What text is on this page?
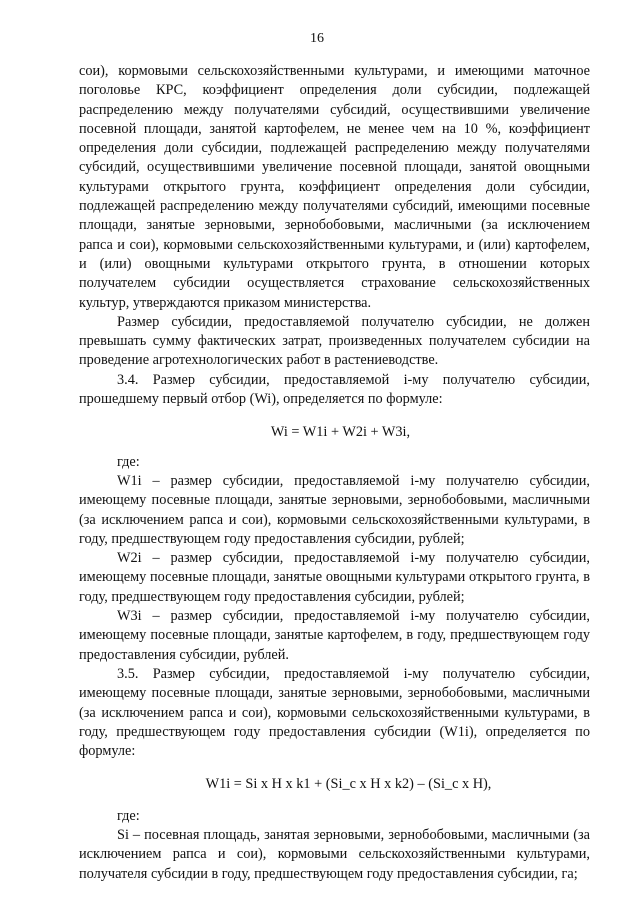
16

сои), кормовыми сельскохозяйственными культурами, и имеющими маточное поголовье КРС, коэффициент определения доли субсидии, подлежащей распределению между получателями субсидий, осуществившими увеличение посевной площади, занятой картофелем, не менее чем на 10 %, коэффициент определения доли субсидии, подлежащей распределению между получателями субсидий, осуществившими увеличение посевной площади, занятой овощными культурами открытого грунта, коэффициент определения доли субсидии, подлежащей распределению между получателями субсидий, имеющими посевные площади, занятые зерновыми, зернобобовыми, масличными (за исключением рапса и сои), кормовыми сельскохозяйственными культурами, и (или) картофелем, и (или) овощными культурами открытого грунта, в отношении которых получателем субсидии осуществляется страхование сельскохозяйственных культур, утверждаются приказом министерства.

Размер субсидии, предоставляемой получателю субсидии, не должен превышать сумму фактических затрат, произведенных получателем субсидии на проведение агротехнологических работ в растениеводстве.

3.4. Размер субсидии, предоставляемой i-му получателю субсидии, прошедшему первый отбор (Wi), определяется по формуле:

Wi = W1i + W2i + W3i,

где:

W1i – размер субсидии, предоставляемой i-му получателю субсидии, имеющему посевные площади, занятые зерновыми, зернобобовыми, масличными (за исключением рапса и сои), кормовыми сельскохозяйственными культурами, в году, предшествующем году предоставления субсидии, рублей;

W2i – размер субсидии, предоставляемой i-му получателю субсидии, имеющему посевные площади, занятые овощными культурами открытого грунта, в году, предшествующем году предоставления субсидии, рублей;

W3i – размер субсидии, предоставляемой i-му получателю субсидии, имеющему посевные площади, занятые картофелем, в году, предшествующем году предоставления субсидии, рублей.

3.5. Размер субсидии, предоставляемой i-му получателю субсидии, имеющему посевные площади, занятые зерновыми, зернобобовыми, масличными (за исключением рапса и сои), кормовыми сельскохозяйственными культурами, в году, предшествующем году предоставления субсидии (W1i), определяется по формуле:

W1i = Si x H x k1 + (Si_c x H x k2) – (Si_c x H),

где:

Si – посевная площадь, занятая зерновыми, зернобобовыми, масличными (за исключением рапса и сои), кормовыми сельскохозяйственными культурами, получателя субсидии в году, предшествующем году предоставления субсидии, га;
